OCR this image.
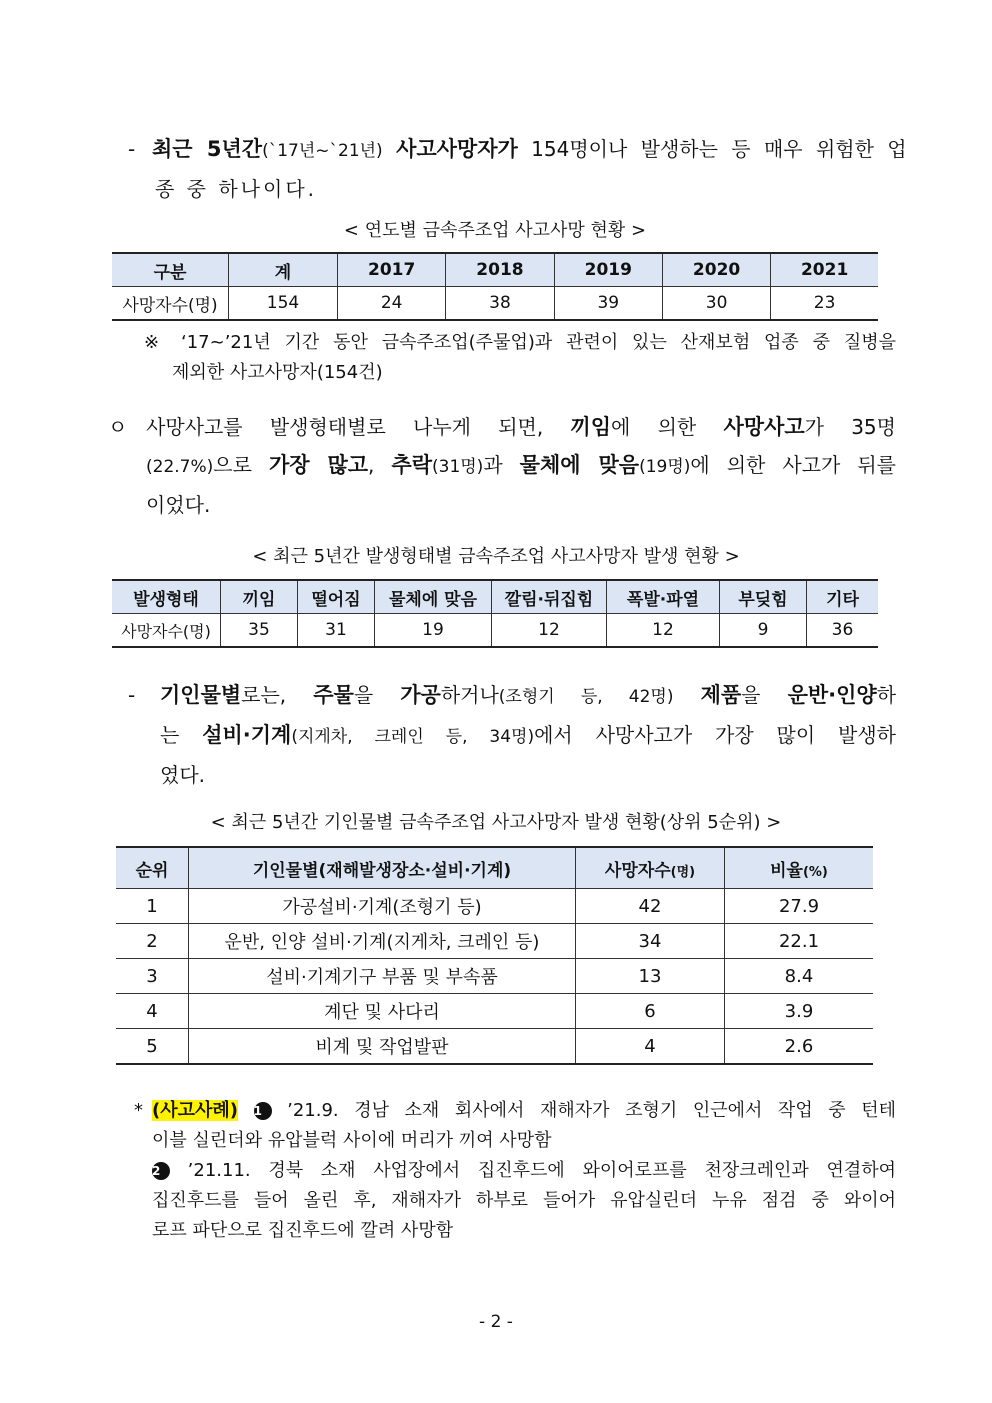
- 최근 5년간(`17년~`21년) 사고사망자가 154명이나 발생하는 등 매우 위험한 업
종 중 하나이다.
< 연도별 금속주조업 사고사망 현황 >
구분	계	2017	2018	2019	2020	2021
사망자수(명)	154	24	38	39	30	23
※ ‘17~’21년 기간 동안 금속주조업(주물업)과 관련이 있는 산재보험 업종 중 질병을
제외한 사고사망자(154건)
ㅇ 사망사고를 발생형태별로 나누게 되면, 끼임에 의한 사망사고가 35명
(22.7%)으로 가장 많고, 추락(31명)과 물체에 맞음(19명)에 의한 사고가 뒤를
이었다.
< 최근 5년간 발생형태별 금속주조업 사고사망자 발생 현황 >
발생형태	끼임	떨어짐	물체에 맞음	깔림·뒤집힘	폭발·파열	부딪힘	기타
사망자수(명)	35	31	19	12	12	9	36
- 기인물별로는, 주물을 가공하거나(조형기 등, 42명) 제품을 운반·인양하
는 설비·기계(지게차, 크레인 등, 34명)에서 사망사고가 가장 많이 발생하
였다.
< 최근 5년간 기인물별 금속주조업 사고사망자 발생 현황(상위 5순위) >
순위	기인물별(재해발생장소·설비·기계)	사망자수(명)	비율(%)
1	가공설비·기계(조형기 등)	42	27.9
2	운반, 인양 설비·기계(지게차, 크레인 등)	34	22.1
3	설비·기계기구 부품 및 부속품	13	8.4
4	계단 및 사다리	6	3.9
5	비계 및 작업발판	4	2.6
* (사고사례) 1 ’21.9. 경남 소재 회사에서 재해자가 조형기 인근에서 작업 중 턴테
이블 실린더와 유압블럭 사이에 머리가 끼여 사망함
2 ’21.11. 경북 소재 사업장에서 집진후드에 와이어로프를 천장크레인과 연결하여
집진후드를 들어 올린 후, 재해자가 하부로 들어가 유압실린더 누유 점검 중 와이어
로프 파단으로 집진후드에 깔려 사망함
- 2 -
